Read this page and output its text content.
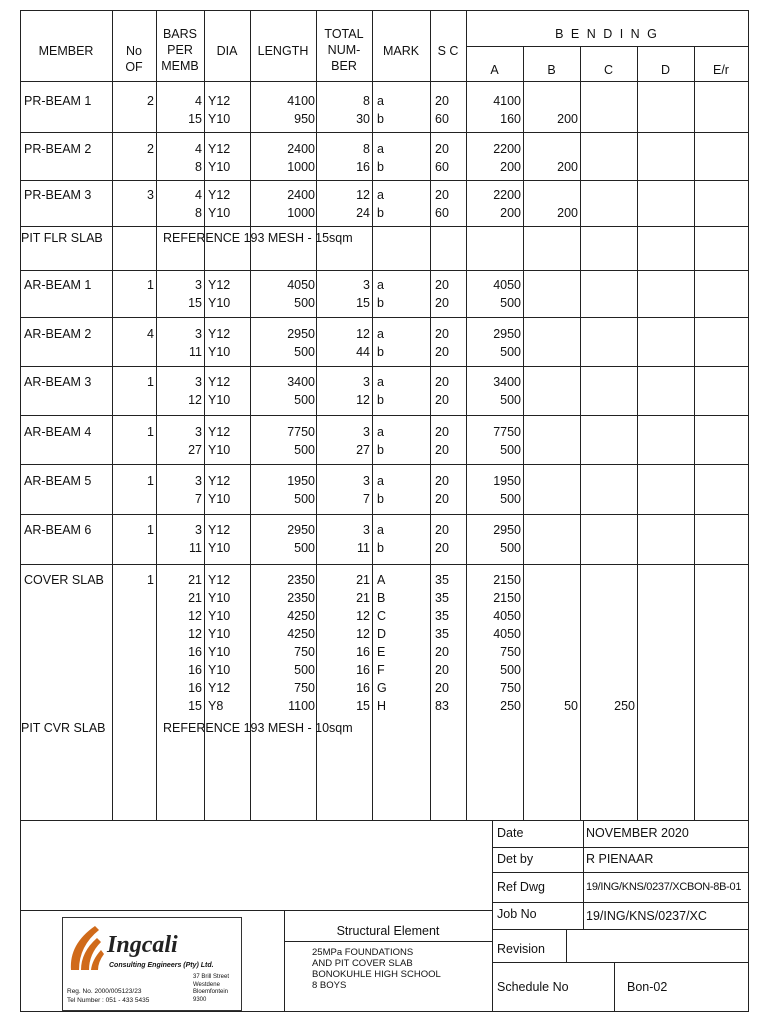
MEMBER	No
OF
BARS
PER
MEMB
DIA	LENGTH
TOTAL
NUM-
BER
MARK	S C
B E N D I N G
A	B	C	D	E/r
PR-BEAM 1	2	4 Y12	4100	8 a	20	4100
15 Y10	950	30 b	60	160	200
PR-BEAM 2	2	4 Y12	2400	8 a	20	2200
8 Y10	1000	16 b	60	200	200
PR-BEAM 3	3	4 Y12	2400	12 a	20	2200
8 Y10	1000	24 b	60	200	200
AR-BEAM 1	1	3 Y12	4050	3 a	20	4050
15 Y10	500	15 b	20	500
AR-BEAM 2	4	3 Y12	2950	12 a	20	2950
11 Y10	500	44 b	20	500
AR-BEAM 3	1	3 Y12	3400	3 a	20	3400
12 Y10	500	12 b	20	500
AR-BEAM 4	1	3 Y12	7750	3 a	20	7750
27 Y10	500	27 b	20	500
AR-BEAM 5	1	3 Y12	1950	3 a	20	1950
7 Y10	500	7 b	20	500
AR-BEAM 6	1	3 Y12	2950	3 a	20	2950
11 Y10	500	11 b	20	500
COVER SLAB	1	21 Y12	2350	21 A	35	2150
21 Y10	2350	21 B	35	2150
12 Y10	4250	12 C	35	4050
12 Y10	4250	12 D	35	4050
16 Y10	750	16 E	20	750
16 Y10	500	16 F	20	500
16 Y12	750	16 G	20	750
15 Y8	1100	15 H	83	250	50	250
PIT FLR SLAB	REFERENCE 193 MESH - 15sqm
PIT CVR SLAB	REFERENCE 193 MESH - 10sqm
Date	NOVEMBER 2020
Det by	R PIENAAR
Ref Dwg	19/ING/KNS/0237/XCBON-8B-01
Job No	19/ING/KNS/0237/XC
Revision
Schedule No	Bon-02
Structural Element
25MPa FOUNDATIONS
AND PIT COVER SLAB
BONOKUHLE HIGH SCHOOL
8 BOYS
Ingcali
Consulting Engineers (Pty) Ltd.
Reg. No. 2000/005123/23
Tel Number : 051 - 433 5435
37 Brill Street
Westdene
Bloemfontein
9300
